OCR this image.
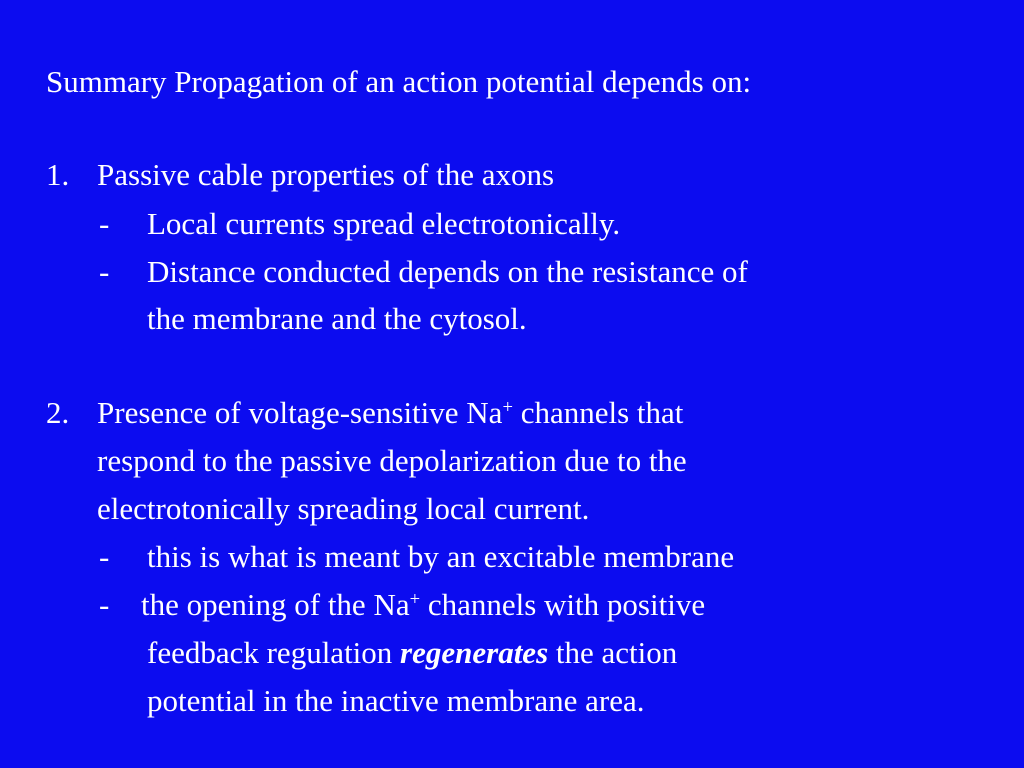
Summary Propagation of an action potential depends on:
1. Passive cable properties of the axons
- Local currents spread electrotonically.
- Distance conducted depends on the resistance of
the membrane and the cytosol.
2. Presence of voltage-sensitive Na+ channels that
respond to the passive depolarization due to the
electrotonically spreading local current.
- this is what is meant by an excitable membrane
- the opening of the Na+ channels with positive
feedback regulation regenerates the action
potential in the inactive membrane area.
